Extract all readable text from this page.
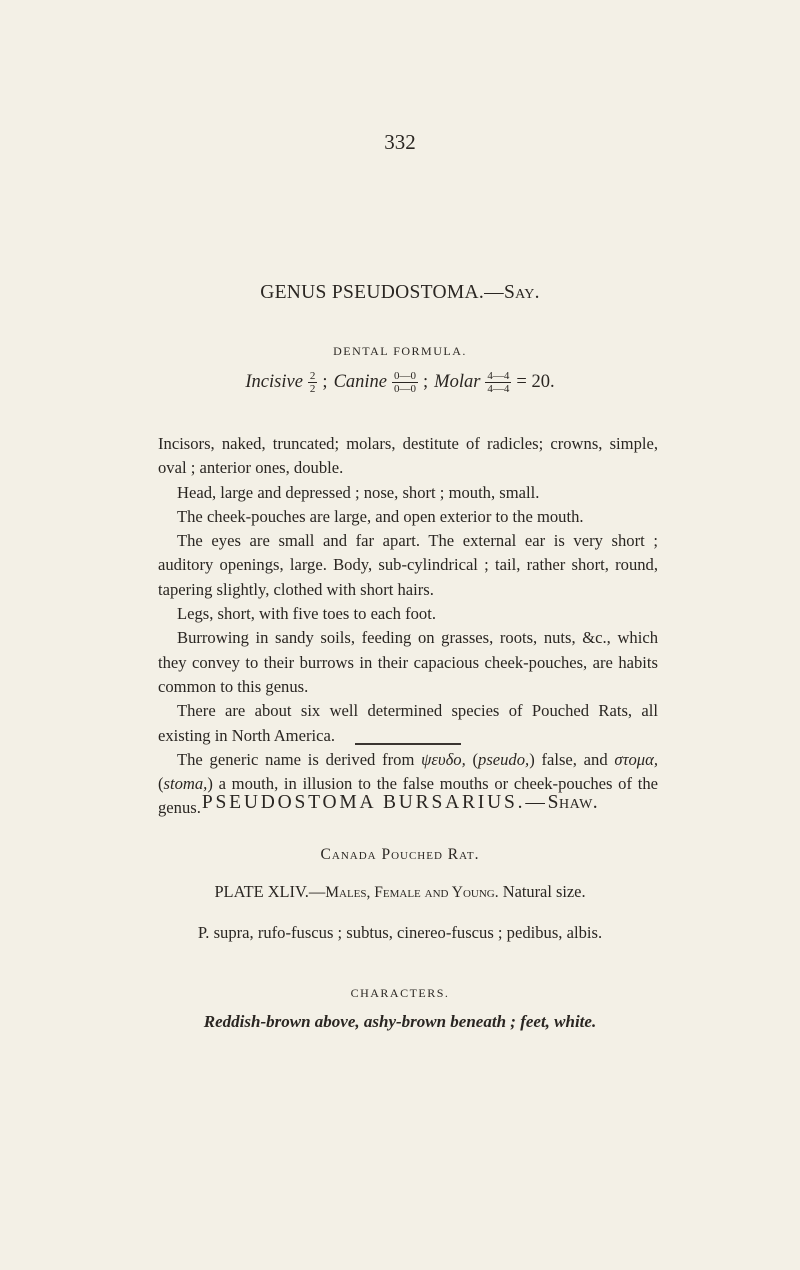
332
GENUS PSEUDOSTOMA.—Say.
DENTAL FORMULA.
Incisive $\frac{2}{2}$ ; Canine $\frac{0—0}{0—0}$ ; Molar $\frac{4—4}{4—4} = 20$.

Incisors, naked, truncated; molars, destitute of radicles; crowns, simple, oval ; anterior ones, double.

Head, large and depressed ; nose, short ; mouth, small.

The cheek-pouches are large, and open exterior to the mouth.

The eyes are small and far apart. The external ear is very short ; auditory openings, large. Body, sub-cylindrical ; tail, rather short, round, tapering slightly, clothed with short hairs.

Legs, short, with five toes to each foot.

Burrowing in sandy soils, feeding on grasses, roots, nuts, &c., which they convey to their burrows in their capacious cheek-pouches, are habits common to this genus.

There are about six well determined species of Pouched Rats, all existing in North America.

The generic name is derived from ψευδο, (pseudo,) false, and στομα, (stoma,) a mouth, in illusion to the false mouths or cheek-pouches of the genus. PSEUDOSTOMA BURSARIUS.—Shaw.
Canada Pouched Rat.
PLATE XLIV.—Males, Female and Young. Natural size.
P. supra, rufo-fuscus ; subtus, cinereo-fuscus ; pedibus, albis.
CHARACTERS.
Reddish-brown above, ashy-brown beneath ; feet, white.
